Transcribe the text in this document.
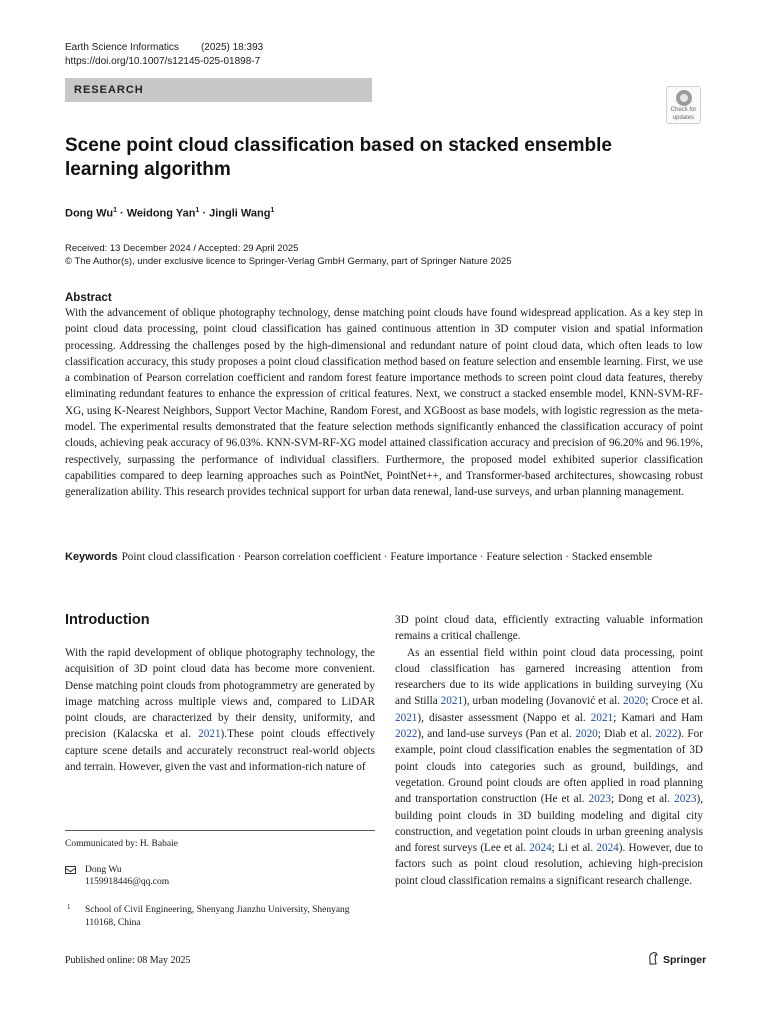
Earth Science Informatics (2025) 18:393
https://doi.org/10.1007/s12145-025-01898-7
RESEARCH
Check for
updates
Scene point cloud classification based on stacked ensemble learning algorithm
Dong $Wu^1$ · Weidong Yan$^1$ · Jingli Wang$^1$
Received: 13 December 2024 / Accepted: 29 April 2025
© The Author(s), under exclusive licence to Springer-Verlag GmbH Germany, part of Springer Nature 2025
Abstract
With the advancement of oblique photography technology, dense matching point clouds have found widespread application. As a key step in point cloud data processing, point cloud classification has gained continuous attention in 3D computer vision and spatial information processing. Addressing the challenges posed by the high-dimensional and redundant nature of point cloud data, which often leads to low classification accuracy, this study proposes a point cloud classification method based on feature selection and ensemble learning. First, we use a combination of Pearson correlation coefficient and random forest feature importance methods to screen point cloud data features, thereby eliminating redundant features to enhance the expression of critical features. Next, we construct a stacked ensemble model, KNN-SVM-RF-XG, using K-Nearest Neighbors, Support Vector Machine, Random Forest, and XGBoost as base models, with logistic regression as the meta-model. The experimental results demonstrated that the feature selection methods significantly enhanced the classification accuracy of point clouds, achieving peak accuracy of 96.03%. KNN-SVM-RF-XG model attained classification accuracy and precision of 96.20% and 96.19%, respectively, surpassing the performance of individual classifiers. Furthermore, the proposed model exhibited superior classification capabilities compared to deep learning approaches such as PointNet, PointNet++, and Transformer-based architectures, showcasing robust generalization ability. This research provides technical support for urban data renewal, land-use surveys, and urban planning management.
Keywords Point cloud classification · Pearson correlation coefficient · Feature importance · Feature selection · Stacked ensemble
Introduction

With the rapid development of oblique photography technology, the acquisition of 3D point cloud data has become more convenient. Dense matching point clouds from photogrammetry are generated by image matching across multiple views and, compared to LiDAR point clouds, are characterized by their density, uniformity, and precision (Kalacska et al. 2021).These point clouds effectively capture scene details and accurately reconstruct real-world objects and terrain. However, given the vast and information-rich nature of

3D point cloud data, efficiently extracting valuable information remains a critical challenge.

As an essential field within point cloud data processing, point cloud classification has garnered increasing attention from researchers due to its wide applications in building surveying (Xu and Stilla 2021), urban modeling (Jovanović et al. 2020; Croce et al. 2021), disaster assessment (Nappo et al. 2021; Kamari and Ham 2022), and land-use surveys (Pan et al. 2020; Diab et al. 2022). For example, point cloud classification enables the segmentation of 3D point clouds into categories such as ground, buildings, and vegetation. Ground point clouds are often applied in road planning and transportation construction (He et al. 2023; Dong et al. 2023), building point clouds in 3D building modeling and digital city construction, and vegetation point clouds in urban greening analysis and forest surveys (Lee et al. 2024; Li et al. 2024). However, due to factors such as point cloud resolution, achieving high-precision point cloud classification remains a significant research challenge.

Communicated by: H. Babaie
Dong Wu
1159918446@qq.com
1 School of Civil Engineering, Shenyang Jianzhu University, Shenyang 110168, China
Published online: 08 May 2025	Springer
